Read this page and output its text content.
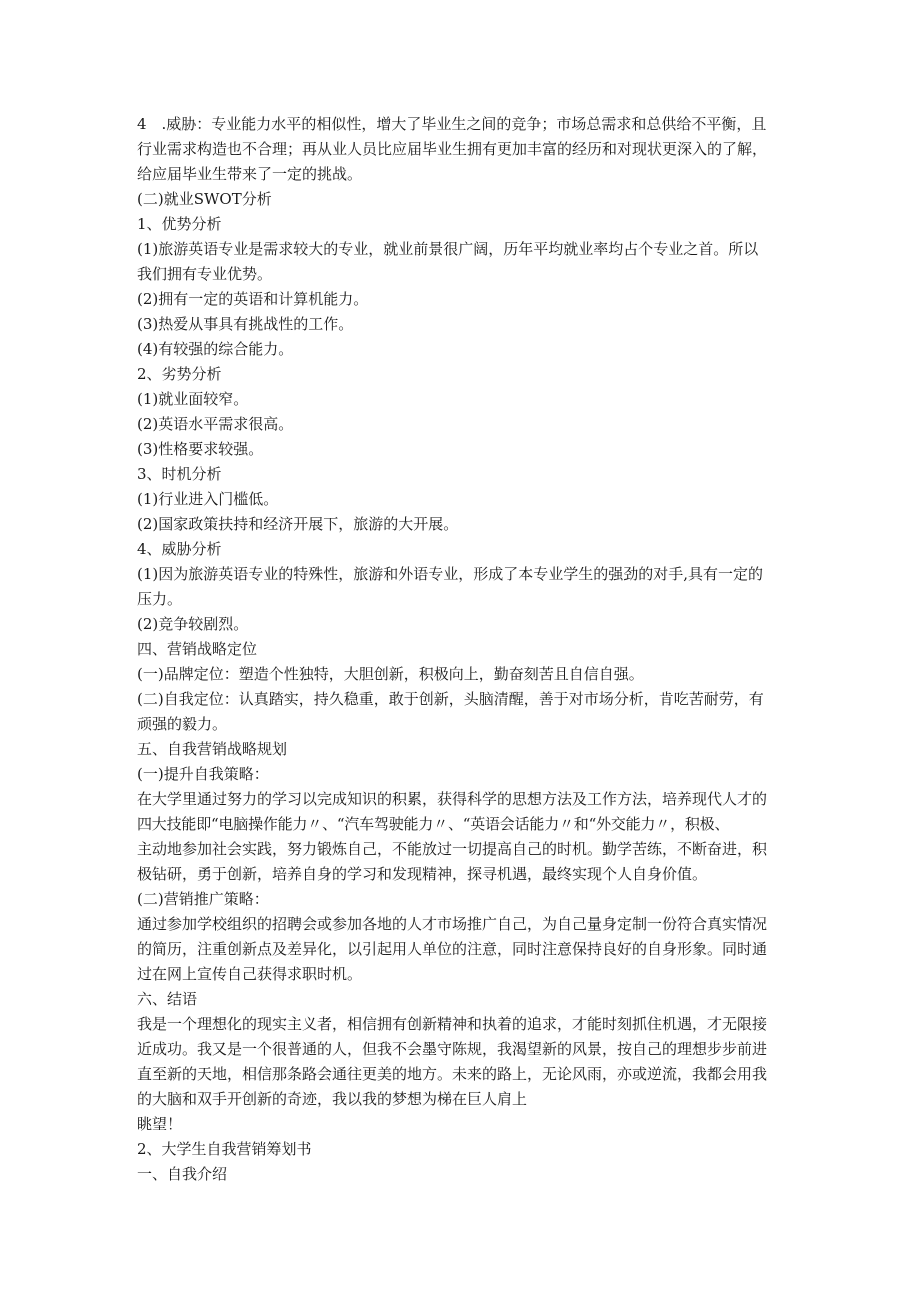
4　.威胁：专业能力水平的相似性，增大了毕业生之间的竞争；市场总需求和总供给不平衡，且
行业需求构造也不合理；再从业人员比应届毕业生拥有更加丰富的经历和对现状更深入的了解，
给应届毕业生带来了一定的挑战。
(二)就业SWOT分析
1、优势分析
(1)旅游英语专业是需求较大的专业，就业前景很广阔，历年平均就业率均占个专业之首。所以
我们拥有专业优势。
(2)拥有一定的英语和计算机能力。
(3)热爱从事具有挑战性的工作。
(4)有较强的综合能力。
2、劣势分析
(1)就业面较窄。
(2)英语水平需求很高。
(3)性格要求较强。
3、时机分析
(1)行业进入门槛低。
(2)国家政策扶持和经济开展下，旅游的大开展。
4、威胁分析
(1)因为旅游英语专业的特殊性，旅游和外语专业，形成了本专业学生的强劲的对手,具有一定的
压力。
(2)竞争较剧烈。
四、营销战略定位
(一)品牌定位：塑造个性独特，大胆创新，积极向上，勤奋刻苦且自信自强。
(二)自我定位：认真踏实，持久稳重，敢于创新，头脑清醒，善于对市场分析，肯吃苦耐劳，有
顽强的毅力。
五、自我营销战略规划
(一)提升自我策略：
在大学里通过努力的学习以完成知识的积累，获得科学的思想方法及工作方法，培养现代人才的
四大技能即“电脑操作能力〃、“汽车驾驶能力〃、“英语会话能力〃和“外交能力〃，积极、
主动地参加社会实践，努力锻炼自己，不能放过一切提高自己的时机。勤学苦练，不断奋进，积
极钻研，勇于创新，培养自身的学习和发现精神，探寻机遇，最终实现个人自身价值。
(二)营销推广策略：
通过参加学校组织的招聘会或参加各地的人才市场推广自己，为自己量身定制一份符合真实情况
的简历，注重创新点及差异化，以引起用人单位的注意，同时注意保持良好的自身形象。同时通
过在网上宣传自己获得求职时机。
六、结语
我是一个理想化的现实主义者，相信拥有创新精神和执着的追求，才能时刻抓住机遇，才无限接
近成功。我又是一个很普通的人，但我不会墨守陈规，我渴望新的风景，按自己的理想步步前进
直至新的天地，相信那条路会通往更美的地方。未来的路上，无论风雨，亦或逆流，我都会用我
的大脑和双手开创新的奇迹，我以我的梦想为梯在巨人肩上
眺望！
2、大学生自我营销筹划书
一、自我介绍
